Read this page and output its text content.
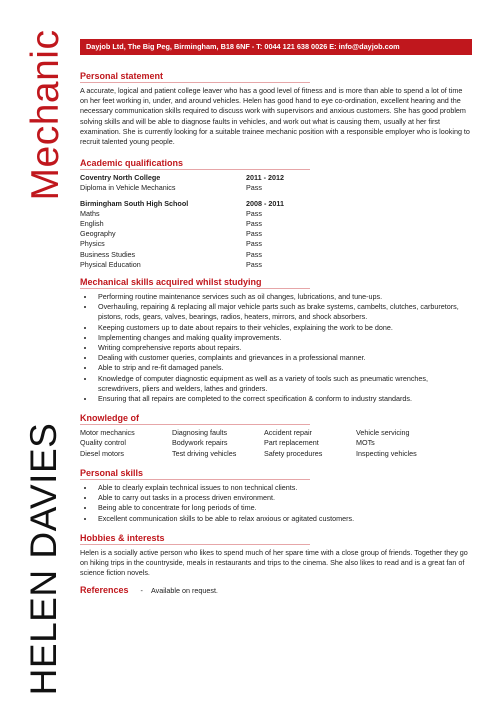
Mechanic
HELEN DAVIES
Dayjob Ltd, The Big Peg, Birmingham, B18 6NF - T: 0044 121 638 0026 E: info@dayjob.com
Personal statement

A accurate, logical and patient college leaver who has a good level of fitness and is more than able to spend a lot of time on her feet working in, under, and around vehicles. Helen has good hand to eye co-ordination, excellent hearing and the necessary communication skills required to discuss work with supervisors and anxious customers. She has good problem solving skills and will be able to diagnose faults in vehicles, and work out what is causing them, usually at her first examination. She is currently looking for a suitable trainee mechanic position with a responsible employer who is looking to recruit talented young people.

Academic qualifications
Coventry North College	2011 - 2012
Diploma in Vehicle Mechanics	Pass
Birmingham South High School	2008 - 2011
Maths	Pass
English	Pass
Geography	Pass
Physics	Pass
Business Studies	Pass
Physical Education	Pass
Mechanical skills acquired whilst studying
• Performing routine maintenance services such as oil changes, lubrications, and tune-ups.
• Overhauling, repairing & replacing all major vehicle parts such as brake systems, cambelts, clutches, carburetors, pistons, rods, gears, valves, bearings, radios, heaters, mirrors, and shock absorbers.
• Keeping customers up to date about repairs to their vehicles, explaining the work to be done.
• Implementing changes and making quality improvements.
• Writing comprehensive reports about repairs.
• Dealing with customer queries, complaints and grievances in a professional manner.
• Able to strip and re-fit damaged panels.
• Knowledge of computer diagnostic equipment as well as a variety of tools such as pneumatic wrenches, screwdrivers, pliers and welders, lathes and grinders.
• Ensuring that all repairs are completed to the correct specification & conform to industry standards.
Knowledge of
Motor mechanics	Diagnosing faults	Accident repair	Vehicle servicing
Quality control	Bodywork repairs	Part replacement	MOTs
Diesel motors	Test driving vehicles	Safety procedures	Inspecting vehicles
Personal skills
• Able to clearly explain technical issues to non technical clients.
• Able to carry out tasks in a process driven environment.
• Being able to concentrate for long periods of time.
• Excellent communication skills to be able to relax anxious or agitated customers.
Hobbies & interests

Helen is a socially active person who likes to spend much of her spare time with a close group of friends. Together they go on hiking trips in the countryside, meals in restaurants and trips to the cinema. She also likes to read and is a great fan of science fiction novels.

References - Available on request.
